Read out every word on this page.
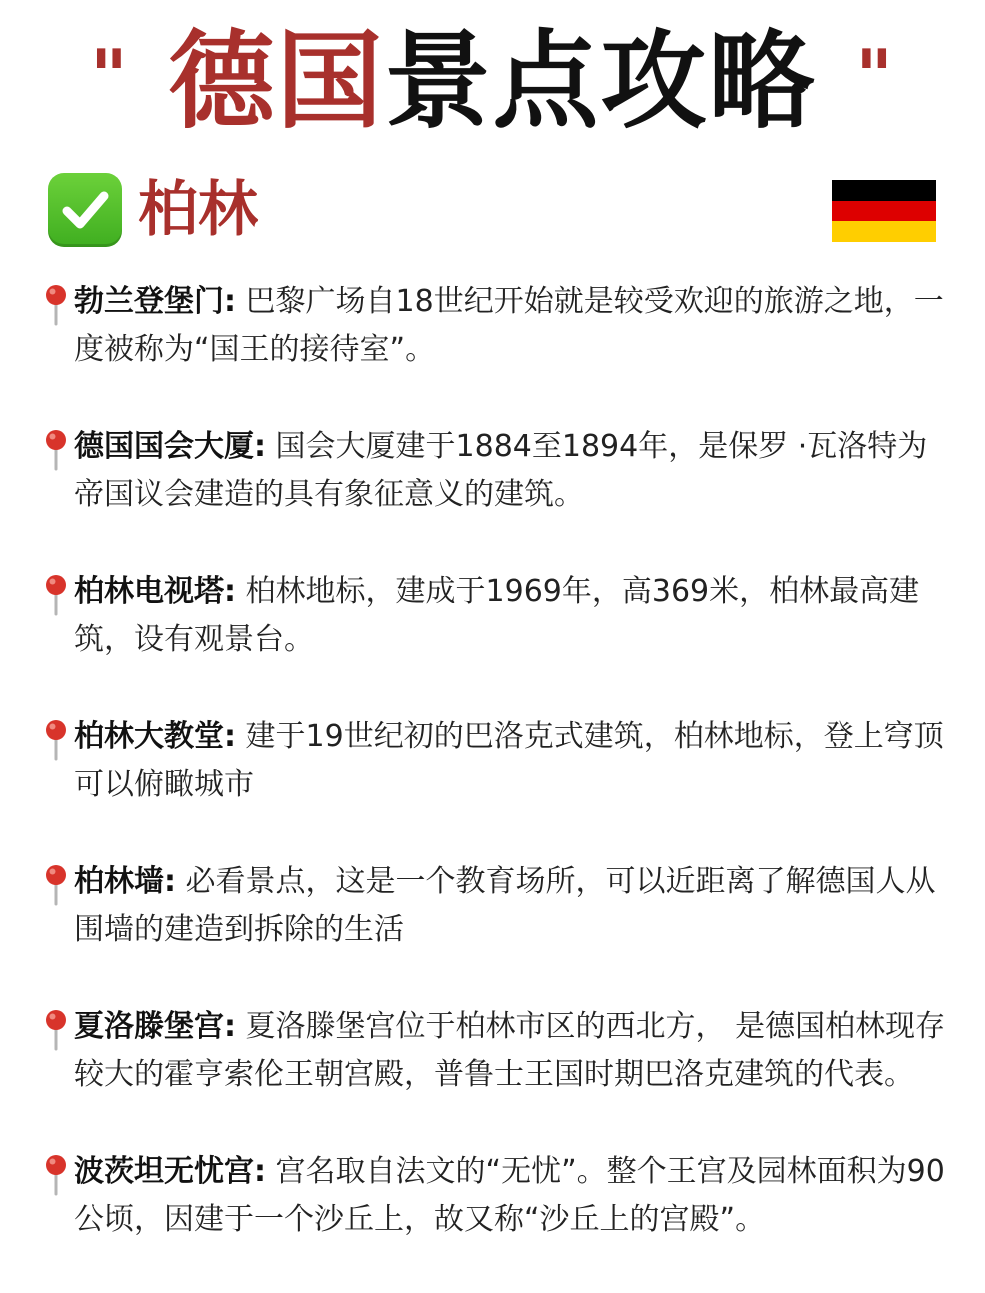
" 德国景点攻略 "
柏林

勃兰登堡门: 巴黎广场自18世纪开始就是较受欢迎的旅游之地，一度被称为“国王的接待室”。

德国国会大厦: 国会大厦建于1884至1894年，是保罗 ·瓦洛特为帝国议会建造的具有象征意义的建筑。

柏林电视塔: 柏林地标，建成于1969年，高369米，柏林最高建筑，设有观景台。

柏林大教堂: 建于19世纪初的巴洛克式建筑，柏林地标，登上穹顶可以俯瞰城市

柏林墙: 必看景点，这是一个教育场所，可以近距离了解德国人从围墙的建造到拆除的生活

夏洛滕堡宫: 夏洛滕堡宫位于柏林市区的西北方， 是德国柏林现存较大的霍亨索伦王朝宫殿，普鲁士王国时期巴洛克建筑的代表。

波茨坦无忧宫: 宫名取自法文的“无忧”。整个王宫及园林面积为90公顷，因建于一个沙丘上，故又称“沙丘上的宫殿”。
